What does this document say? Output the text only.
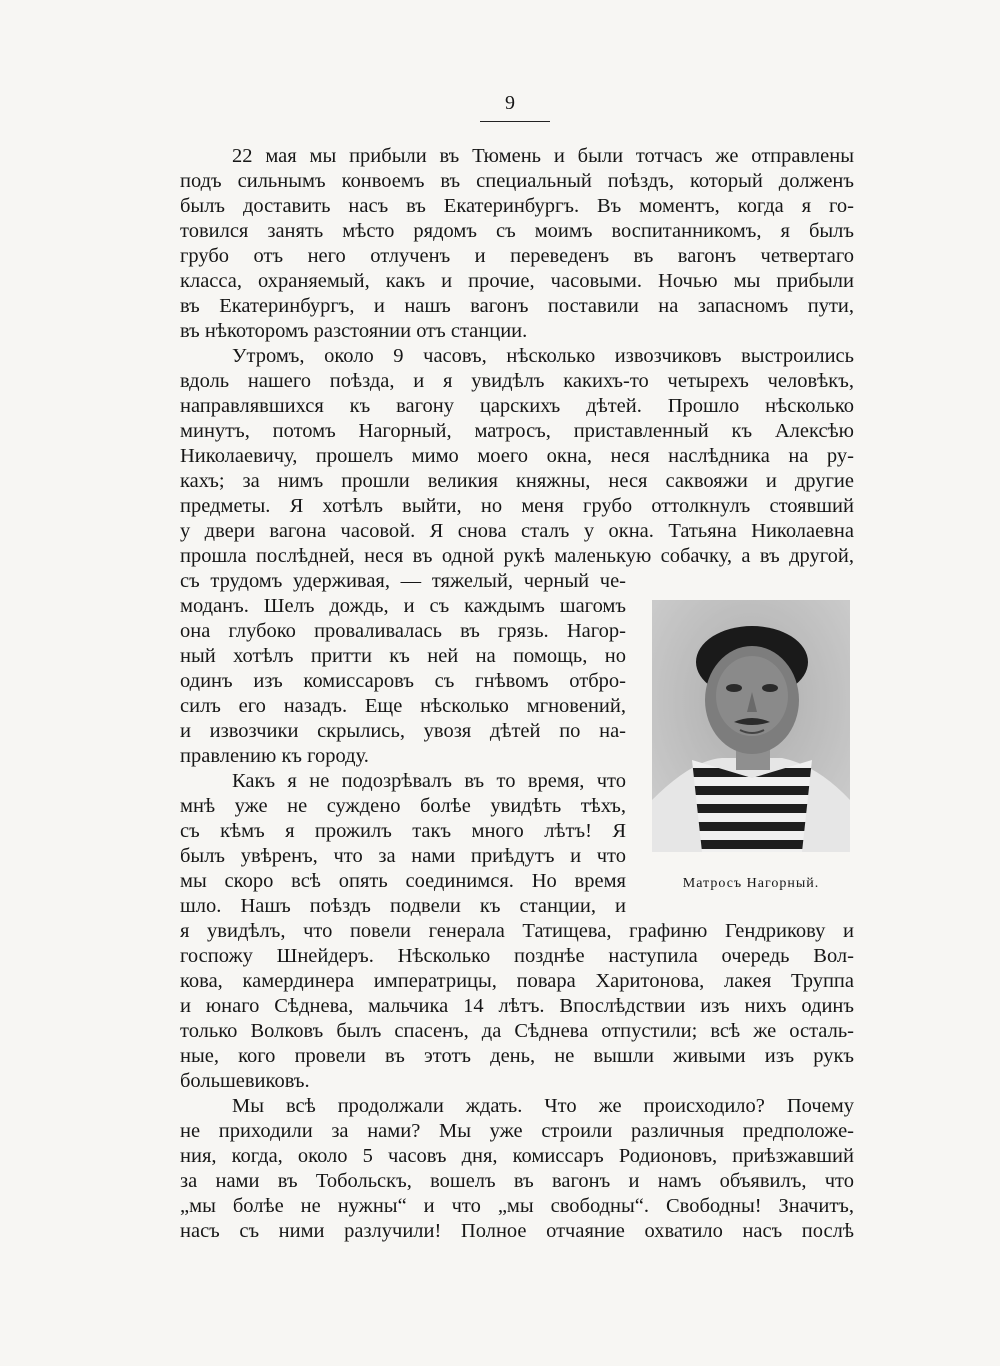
9
22 мая мы прибыли въ Тюмень и были тотчасъ же отправлены
подъ сильнымъ конвоемъ въ специальный поѣздъ, который долженъ
былъ доставить насъ въ Екатеринбургъ. Въ моментъ, когда я го-
товился занять мѣсто рядомъ съ моимъ воспитанникомъ, я былъ
грубо отъ него отлученъ и переведенъ въ вагонъ четвертаго
класса, охраняемый, какъ и прочие, часовыми. Ночью мы прибыли
въ Екатеринбургъ, и нашъ вагонъ поставили на запасномъ пути,
въ нѣкоторомъ разстоянии отъ станции.
Утромъ, около 9 часовъ, нѣсколько извозчиковъ выстроились
вдоль нашего поѣзда, и я увидѣлъ какихъ-то четырехъ человѣкъ,
направлявшихся къ вагону царскихъ дѣтей. Прошло нѣсколько
минутъ, потомъ Нагорный, матросъ, приставленный къ Алексѣю
Николаевичу, прошелъ мимо моего окна, неся наслѣдника на ру-
кахъ; за нимъ прошли великия княжны, неся саквояжи и другие
предметы. Я хотѣлъ выйти, но меня грубо оттолкнулъ стоявший
у двери вагона часовой. Я снова сталъ у окна. Татьяна Николаевна
прошла послѣдней, неся въ одной рукѣ маленькую собачку, а въ другой,
съ трудомъ удерживая, — тяжелый, черный че-
моданъ. Шелъ дождь, и съ каждымъ шагомъ
она глубоко проваливалась въ грязь. Нагор-
ный хотѣлъ притти къ ней на помощь, но
одинъ изъ комиссаровъ съ гнѣвомъ отбро-
силъ его назадъ. Еще нѣсколько мгновений,
и извозчики скрылись, увозя дѣтей по на-
правлению къ городу.
Какъ я не подозрѣвалъ въ то время, что
мнѣ уже не суждено болѣе увидѣть тѣхъ,
съ кѣмъ я прожилъ такъ много лѣтъ! Я
былъ увѣренъ, что за нами приѣдутъ и что
мы скоро всѣ опять соединимся. Но время
шло. Нашъ поѣздъ подвели къ станции, и
я увидѣлъ, что повели генерала Татищева, графиню Гендрикову и
госпожу Шнейдеръ. Нѣсколько позднѣе наступила очередь Вол-
кова, камердинера императрицы, повара Харитонова, лакея Труппа
и юнаго Сѣднева, мальчика 14 лѣтъ. Впослѣдствии изъ нихъ одинъ
только Волковъ былъ спасенъ, да Сѣднева отпустили; всѣ же осталь-
ные, кого провели въ этотъ день, не вышли живыми изъ рукъ
большевиковъ.
Мы всѣ продолжали ждать. Что же происходило? Почему
не приходили за нами? Мы уже строили различныя предположе-
ния, когда, около 5 часовъ дня, комиссаръ Родионовъ, приѣзжавший
за нами въ Тобольскъ, вошелъ въ вагонъ и намъ объявилъ, что
„мы болѣе не нужны“ и что „мы свободны“. Свободны! Значитъ,
насъ съ ними разлучили! Полное отчаяние охватило насъ послѣ
Матросъ Нагорный.
